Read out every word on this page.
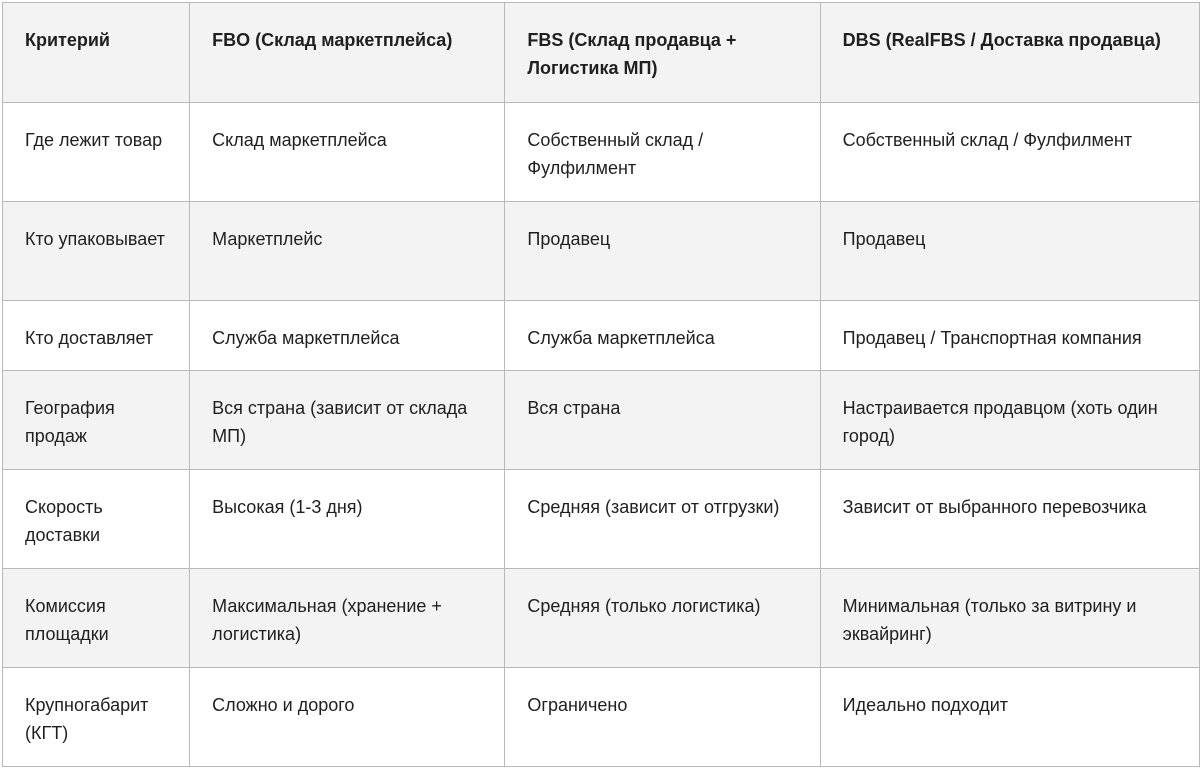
Критерий	FBO (Склад маркетплейса)	FBS (Склад продавца + Логистика МП)	DBS (RealFBS / Доставка продавца)
Где лежит товар	Склад маркетплейса	Собственный склад / Фулфилмент	Собственный склад / Фулфилмент
Кто упаковывает	Маркетплейс	Продавец	Продавец
Кто доставляет	Служба маркетплейса	Служба маркетплейса	Продавец / Транспортная компания
География продаж	Вся страна (зависит от склада МП)	Вся страна	Настраивается продавцом (хоть один город)
Скорость доставки	Высокая (1-3 дня)	Средняя (зависит от отгрузки)	Зависит от выбранного перевозчика
Комиссия площадки	Максимальная (хранение + логистика)	Средняя (только логистика)	Минимальная (только за витрину и эквайринг)
Крупногабарит (КГТ)	Сложно и дорого	Ограничено	Идеально подходит
